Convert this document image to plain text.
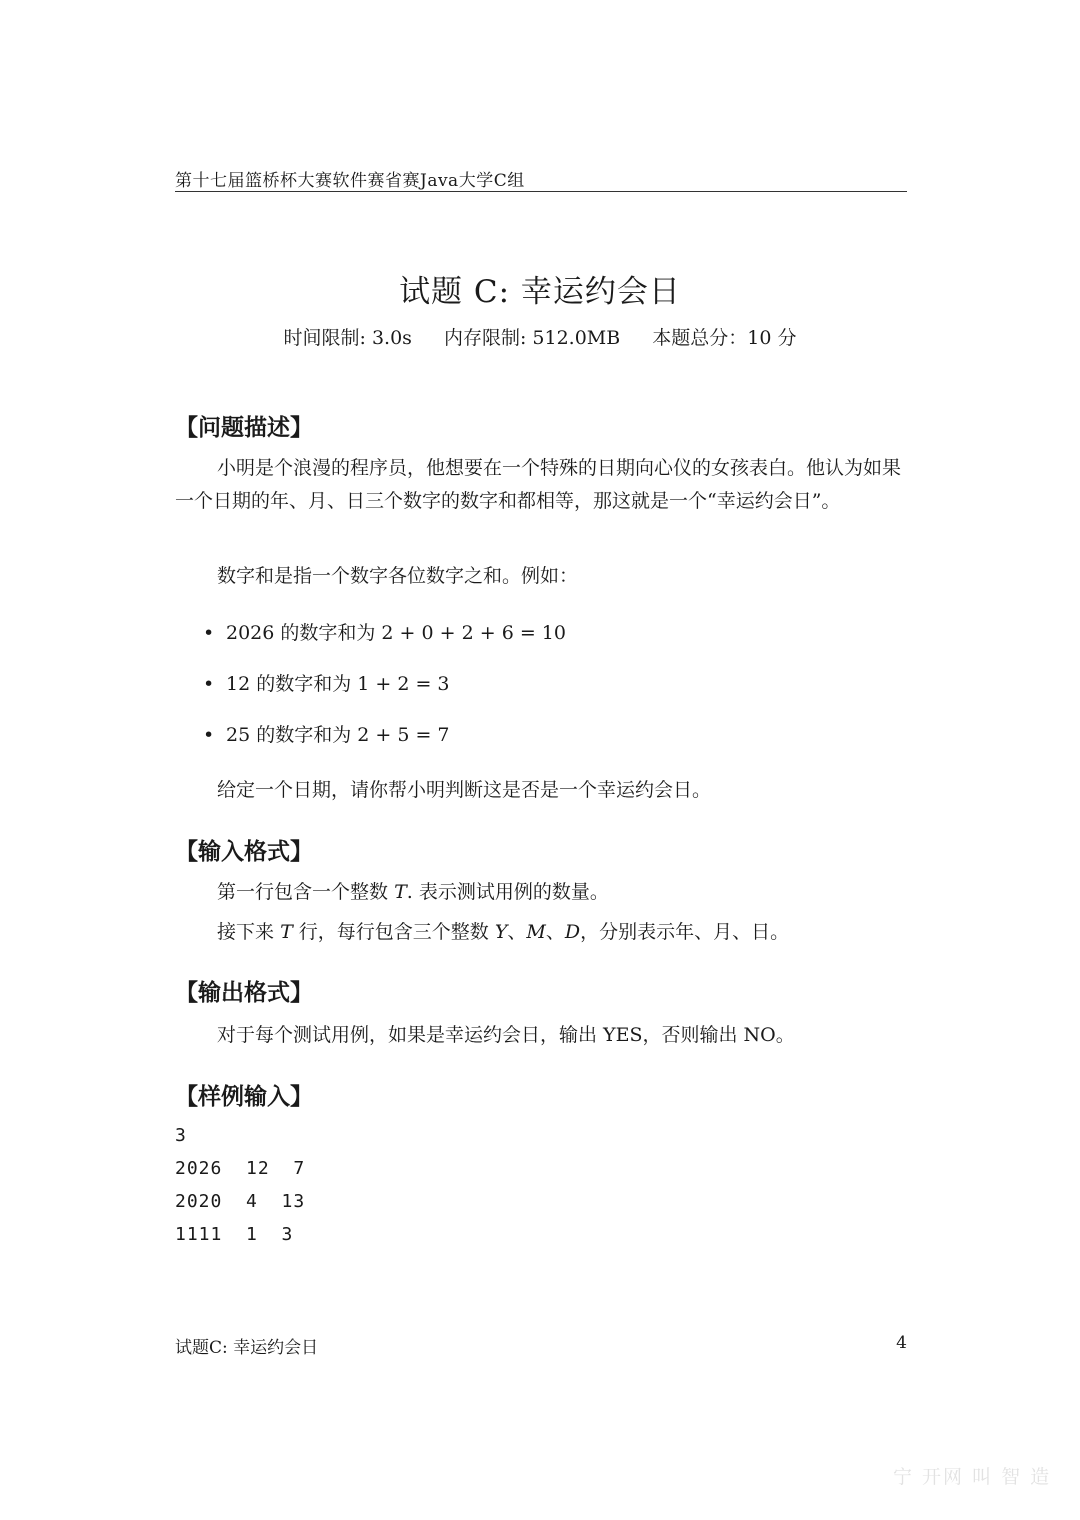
第十七届篮桥杯大赛软件赛省赛Java大学C组
试题 C: 幸运约会日
时间限制: 3.0s 内存限制: 512.0MB 本题总分：10 分
【问题描述】
小明是个浪漫的程序员，他想要在一个特殊的日期向心仪的女孩表白。他认为如果一个日期的年、月、日三个数字的数字和都相等，那这就是一个“幸运约会日”。
数字和是指一个数字各位数字之和。例如：
• 2026 的数字和为 2 + 0 + 2 + 6 = 10
• 12 的数字和为 1 + 2 = 3
• 25 的数字和为 2 + 5 = 7
给定一个日期，请你帮小明判断这是否是一个幸运约会日。
【输入格式】
第一行包含一个整数 T. 表示测试用例的数量。
接下来 T 行，每行包含三个整数 Y、M、D，分别表示年、月、日。
【输出格式】
对于每个测试用例，如果是幸运约会日，输出 YES，否则输出 NO。
【样例输入】
3
2026  12  7
2020  4  13
1111  1  3
试题C: 幸运约会日	4
宁 开网 叫 智 造
